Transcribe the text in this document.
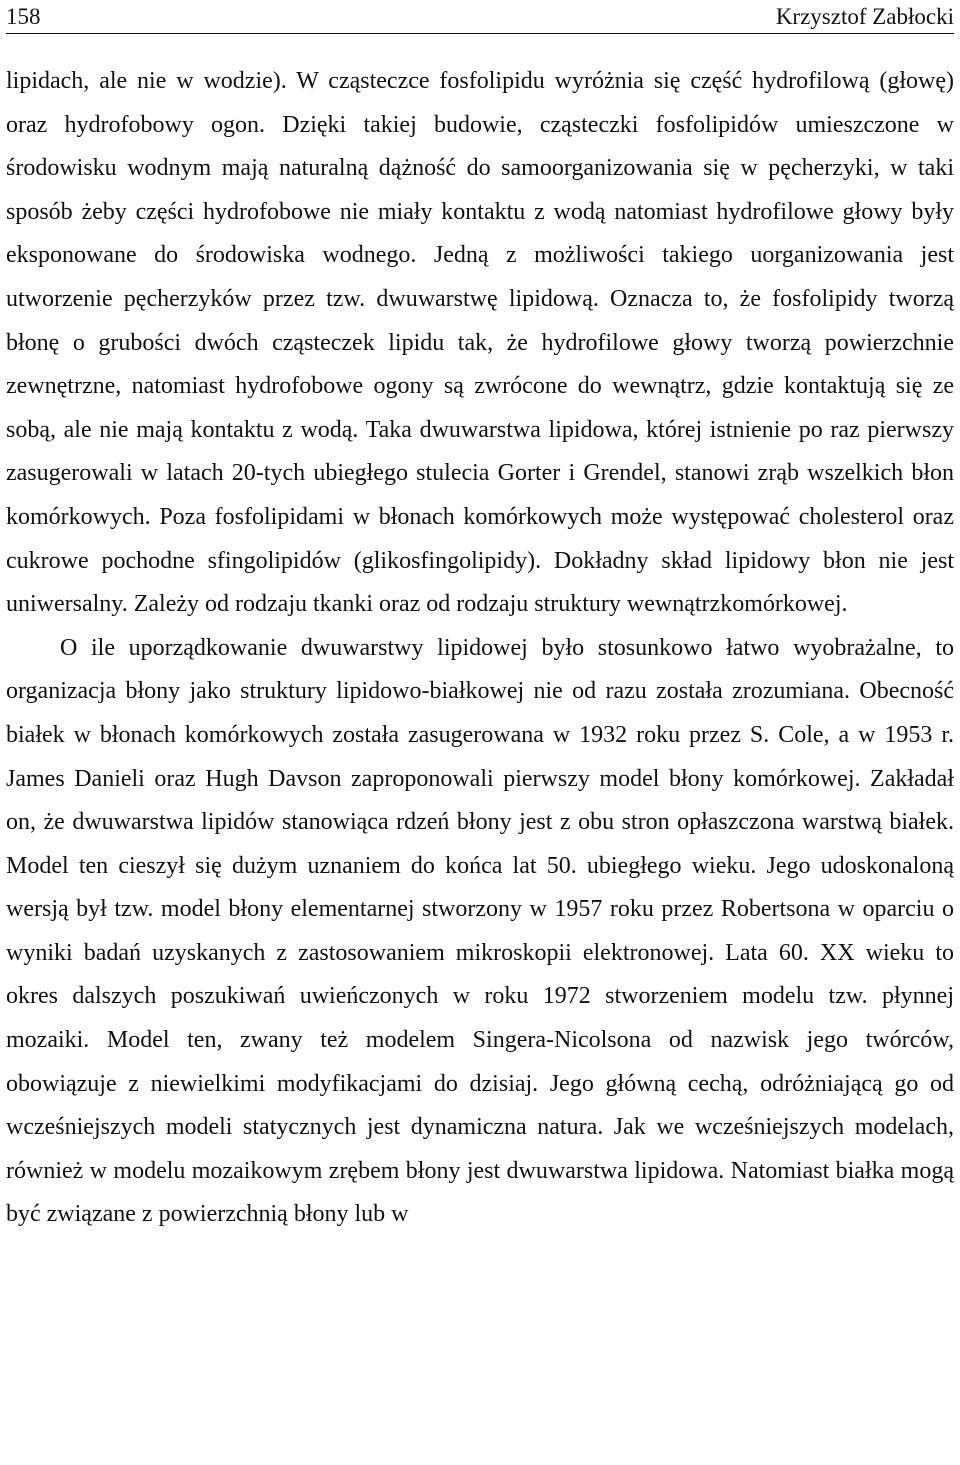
158	Krzysztof Zabłocki

lipidach, ale nie w wodzie). W cząsteczce fosfolipidu wyróżnia się część hydrofilową (głowę) oraz hydrofobowy ogon. Dzięki takiej budowie, cząsteczki fosfolipidów umieszczone w środowisku wodnym mają naturalną dążność do samoorganizowania się w pęcherzyki, w taki sposób żeby części hydrofobowe nie miały kontaktu z wodą natomiast hydrofilowe głowy były eksponowane do środowiska wodnego. Jedną z możliwości takiego uorganizowania jest utworzenie pęcherzyków przez tzw. dwuwarstwę lipidową. Oznacza to, że fosfolipidy tworzą błonę o grubości dwóch cząsteczek lipidu tak, że hydrofilowe głowy tworzą powierzchnie zewnętrzne, natomiast hydrofobowe ogony są zwrócone do wewnątrz, gdzie kontaktują się ze sobą, ale nie mają kontaktu z wodą. Taka dwuwarstwa lipidowa, której istnienie po raz pierwszy zasugerowali w latach 20-tych ubiegłego stulecia Gorter i Grendel, stanowi zrąb wszelkich błon komórkowych. Poza fosfolipidami w błonach komórkowych może występować cholesterol oraz cukrowe pochodne sfingolipidów (glikosfingolipidy). Dokładny skład lipidowy błon nie jest uniwersalny. Zależy od rodzaju tkanki oraz od rodzaju struktury wewnątrzkomórkowej.

O ile uporządkowanie dwuwarstwy lipidowej było stosunkowo łatwo wyobrażalne, to organizacja błony jako struktury lipidowo-białkowej nie od razu została zrozumiana. Obecność białek w błonach komórkowych została zasugerowana w 1932 roku przez S. Cole, a w 1953 r. James Danieli oraz Hugh Davson zaproponowali pierwszy model błony komórkowej. Zakładał on, że dwuwarstwa lipidów stanowiąca rdzeń błony jest z obu stron opłaszczona warstwą białek. Model ten cieszył się dużym uznaniem do końca lat 50. ubiegłego wieku. Jego udoskonaloną wersją był tzw. model błony elementarnej stworzony w 1957 roku przez Robertsona w oparciu o wyniki badań uzyskanych z zastosowaniem mikroskopii elektronowej. Lata 60. XX wieku to okres dalszych poszukiwań uwieńczonych w roku 1972 stworzeniem modelu tzw. płynnej mozaiki. Model ten, zwany też modelem Singera-Nicolsona od nazwisk jego twórców, obowiązuje z niewielkimi modyfikacjami do dzisiaj. Jego główną cechą, odróżniającą go od wcześniejszych modeli statycznych jest dynamiczna natura. Jak we wcześniejszych modelach, również w modelu mozaikowym zrębem błony jest dwuwarstwa lipidowa. Natomiast białka mogą być związane z powierzchnią błony lub w
